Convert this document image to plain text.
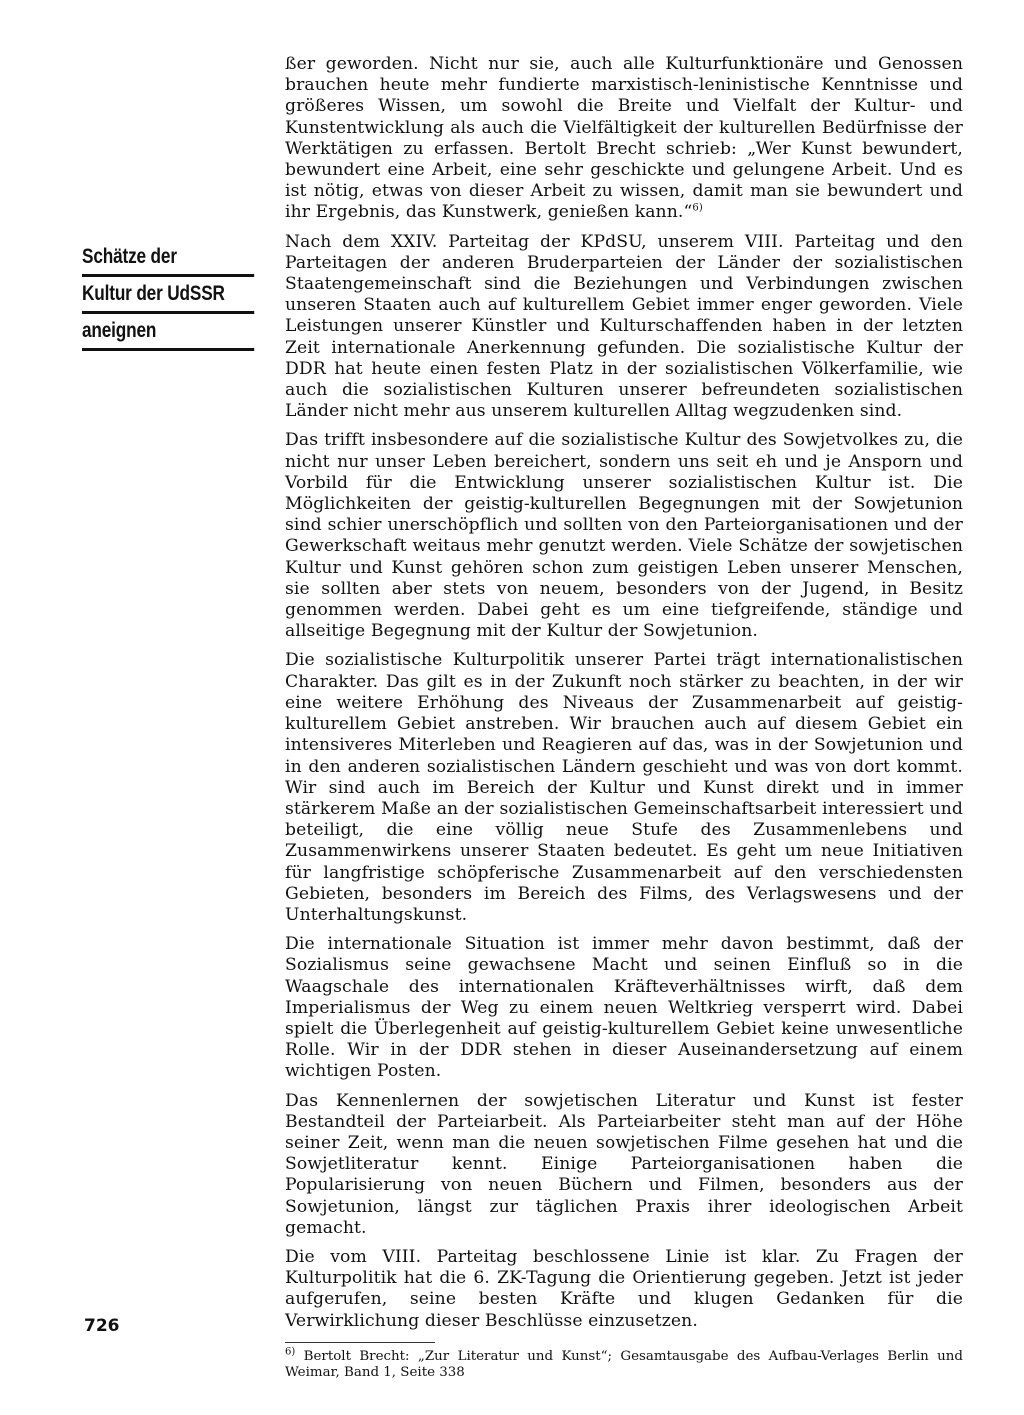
Schätze der
Kultur der UdSSR
aneignen

ßer geworden. Nicht nur sie, auch alle Kulturfunktionäre und Genossen brauchen heute mehr fundierte marxistisch-leninistische Kenntnisse und größeres Wissen, um sowohl die Breite und Vielfalt der Kultur- und Kunstentwicklung als auch die Vielfältigkeit der kulturellen Bedürfnisse der Werktätigen zu erfassen. Bertolt Brecht schrieb: „Wer Kunst bewundert, bewundert eine Arbeit, eine sehr geschickte und gelungene Arbeit. Und es ist nötig, etwas von dieser Arbeit zu wissen, damit man sie bewundert und ihr Ergebnis, das Kunstwerk, genießen kann.“$^{6)}$

Nach dem XXIV. Parteitag der KPdSU, unserem VIII. Parteitag und den Parteitagen der anderen Bruderparteien der Länder der sozialistischen Staatengemeinschaft sind die Beziehungen und Verbindungen zwischen unseren Staaten auch auf kulturellem Gebiet immer enger geworden. Viele Leistungen unserer Künstler und Kulturschaffenden haben in der letzten Zeit internationale Anerkennung gefunden. Die sozialistische Kultur der DDR hat heute einen festen Platz in der sozialistischen Völkerfamilie, wie auch die sozialistischen Kulturen unserer befreundeten sozialistischen Länder nicht mehr aus unserem kulturellen Alltag wegzudenken sind.

Das trifft insbesondere auf die sozialistische Kultur des Sowjetvolkes zu, die nicht nur unser Leben bereichert, sondern uns seit eh und je Ansporn und Vorbild für die Entwicklung unserer sozialistischen Kultur ist. Die Möglichkeiten der geistig-kulturellen Begegnungen mit der Sowjetunion sind schier unerschöpflich und sollten von den Parteiorganisationen und der Gewerkschaft weitaus mehr genutzt werden. Viele Schätze der sowjetischen Kultur und Kunst gehören schon zum geistigen Leben unserer Menschen, sie sollten aber stets von neuem, besonders von der Jugend, in Besitz genommen werden. Dabei geht es um eine tiefgreifende, ständige und allseitige Begegnung mit der Kultur der Sowjetunion.

Die sozialistische Kulturpolitik unserer Partei trägt internationalistischen Charakter. Das gilt es in der Zukunft noch stärker zu beachten, in der wir eine weitere Erhöhung des Niveaus der Zusammenarbeit auf geistig-kulturellem Gebiet anstreben. Wir brauchen auch auf diesem Gebiet ein intensiveres Miterleben und Reagieren auf das, was in der Sowjetunion und in den anderen sozialistischen Ländern geschieht und was von dort kommt. Wir sind auch im Bereich der Kultur und Kunst direkt und in immer stärkerem Maße an der sozialistischen Gemeinschaftsarbeit interessiert und beteiligt, die eine völlig neue Stufe des Zusammenlebens und Zusammenwirkens unserer Staaten bedeutet. Es geht um neue Initiativen für langfristige schöpferische Zusammenarbeit auf den verschiedensten Gebieten, besonders im Bereich des Films, des Verlagswesens und der Unterhaltungskunst.

Die internationale Situation ist immer mehr davon bestimmt, daß der Sozialismus seine gewachsene Macht und seinen Einfluß so in die Waagschale des internationalen Kräfteverhältnisses wirft, daß dem Imperialismus der Weg zu einem neuen Weltkrieg versperrt wird. Dabei spielt die Überlegenheit auf geistig-kulturellem Gebiet keine unwesentliche Rolle. Wir in der DDR stehen in dieser Auseinandersetzung auf einem wichtigen Posten.

Das Kennenlernen der sowjetischen Literatur und Kunst ist fester Bestandteil der Parteiarbeit. Als Parteiarbeiter steht man auf der Höhe seiner Zeit, wenn man die neuen sowjetischen Filme gesehen hat und die Sowjetliteratur kennt. Einige Parteiorganisationen haben die Popularisierung von neuen Büchern und Filmen, besonders aus der Sowjetunion, längst zur täglichen Praxis ihrer ideologischen Arbeit gemacht.

Die vom VIII. Parteitag beschlossene Linie ist klar. Zu Fragen der Kulturpolitik hat die 6. ZK-Tagung die Orientierung gegeben. Jetzt ist jeder aufgerufen, seine besten Kräfte und klugen Gedanken für die Verwirklichung dieser Beschlüsse einzusetzen.

$^{6)}$ Bertolt Brecht: „Zur Literatur und Kunst“; Gesamtausgabe des Aufbau-Verlages Berlin und Weimar, Band 1, Seite 338

726
